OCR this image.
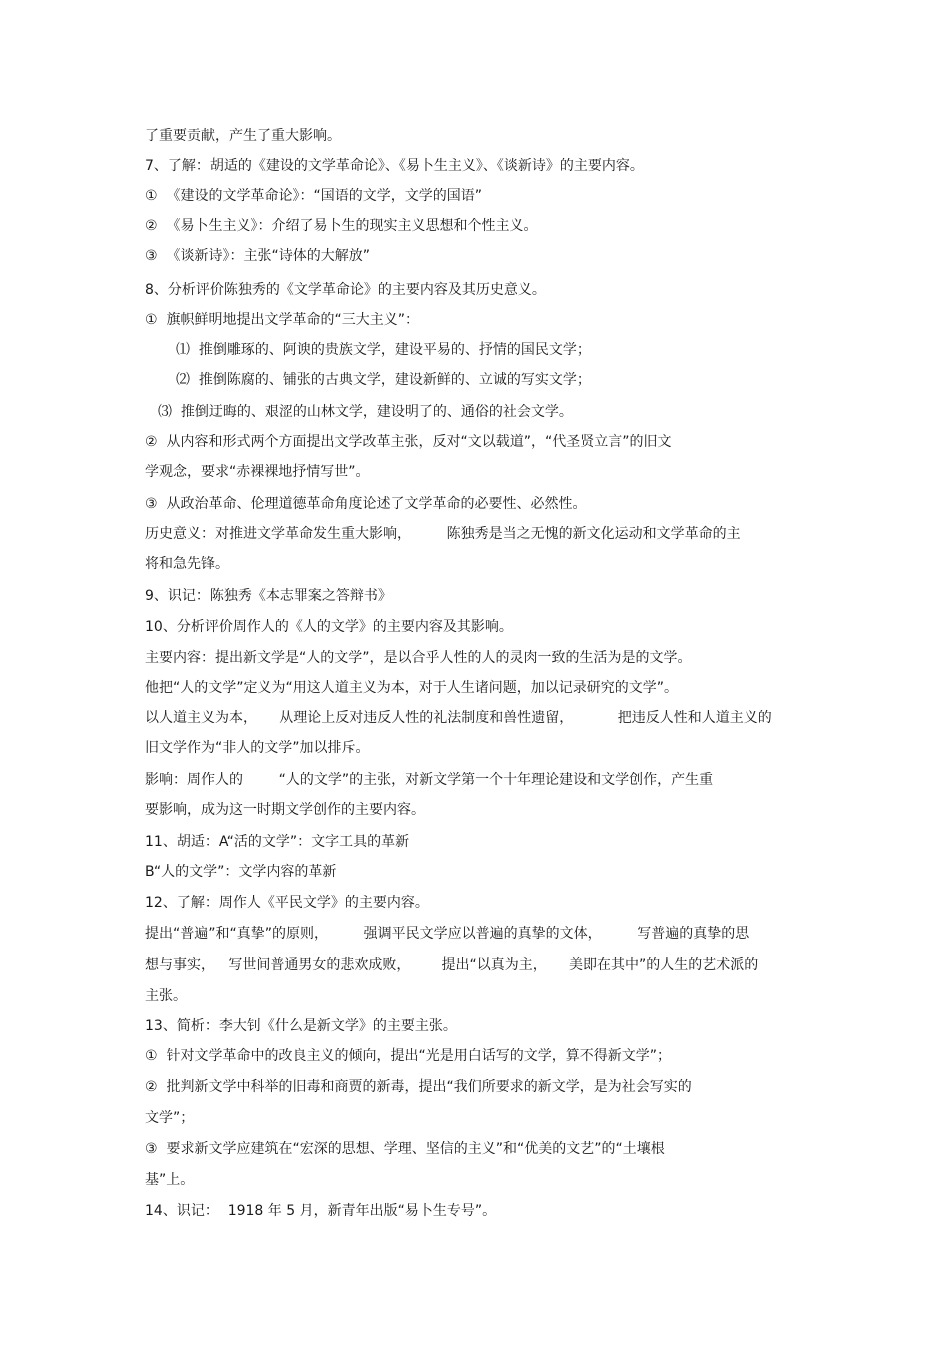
了重要贡献，产生了重大影响。
7、了解：胡适的《建设的文学革命论》、《易卜生主义》、《谈新诗》的主要内容。
①  《建设的文学革命论》：“国语的文学，文学的国语”
②  《易卜生主义》：介绍了易卜生的现实主义思想和个性主义。
③  《谈新诗》：主张“诗体的大解放”
8、分析评价陈独秀的《文学革命论》的主要内容及其历史意义。
①  旗帜鲜明地提出文学革命的“三大主义”：
⑴  推倒雕琢的、阿谀的贵族文学，建设平易的、抒情的国民文学；
⑵  推倒陈腐的、铺张的古典文学，建设新鲜的、立诚的写实文学；
⑶  推倒迂晦的、艰涩的山林文学，建设明了的、通俗的社会文学。
②  从内容和形式两个方面提出文学改革主张，反对“文以载道”，“代圣贤立言”的旧文
学观念，要求“赤裸裸地抒情写世”。
③  从政治革命、伦理道德革命角度论述了文学革命的必要性、必然性。
历史意义：对推进文学革命发生重大影响，        陈独秀是当之无愧的新文化运动和文学革命的主
将和急先锋。
9、识记：陈独秀《本志罪案之答辩书》
10、分析评价周作人的《人的文学》的主要内容及其影响。
主要内容：提出新文学是“人的文学”，是以合乎人性的人的灵肉一致的生活为是的文学。
他把“人的文学”定义为“用这人道主义为本，对于人生诸问题，加以记录研究的文学”。
以人道主义为本，     从理论上反对违反人性的礼法制度和兽性遗留，          把违反人性和人道主义的
旧文学作为“非人的文学”加以排斥。
影响：周作人的        “人的文学”的主张，对新文学第一个十年理论建设和文学创作，产生重
要影响，成为这一时期文学创作的主要内容。
11、胡适：A“活的文学”：文字工具的革新
B“人的文学”：文学内容的革新
12、了解：周作人《平民文学》的主要内容。
提出“普遍”和“真挚”的原则，        强调平民文学应以普遍的真挚的文体，        写普遍的真挚的思
想与事实，   写世间普通男女的悲欢成败，       提出“以真为主，     美即在其中”的人生的艺术派的
主张。
13、简析：李大钊《什么是新文学》的主要主张。
①  针对文学革命中的改良主义的倾向，提出“光是用白话写的文学，算不得新文学”；
②  批判新文学中科举的旧毒和商贾的新毒，提出“我们所要求的新文学，是为社会写实的
文学”；
③  要求新文学应建筑在“宏深的思想、学理、坚信的主义”和“优美的文艺”的“土壤根
基”上。
14、识记：  1918 年 5 月，新青年出版“易卜生专号”。
